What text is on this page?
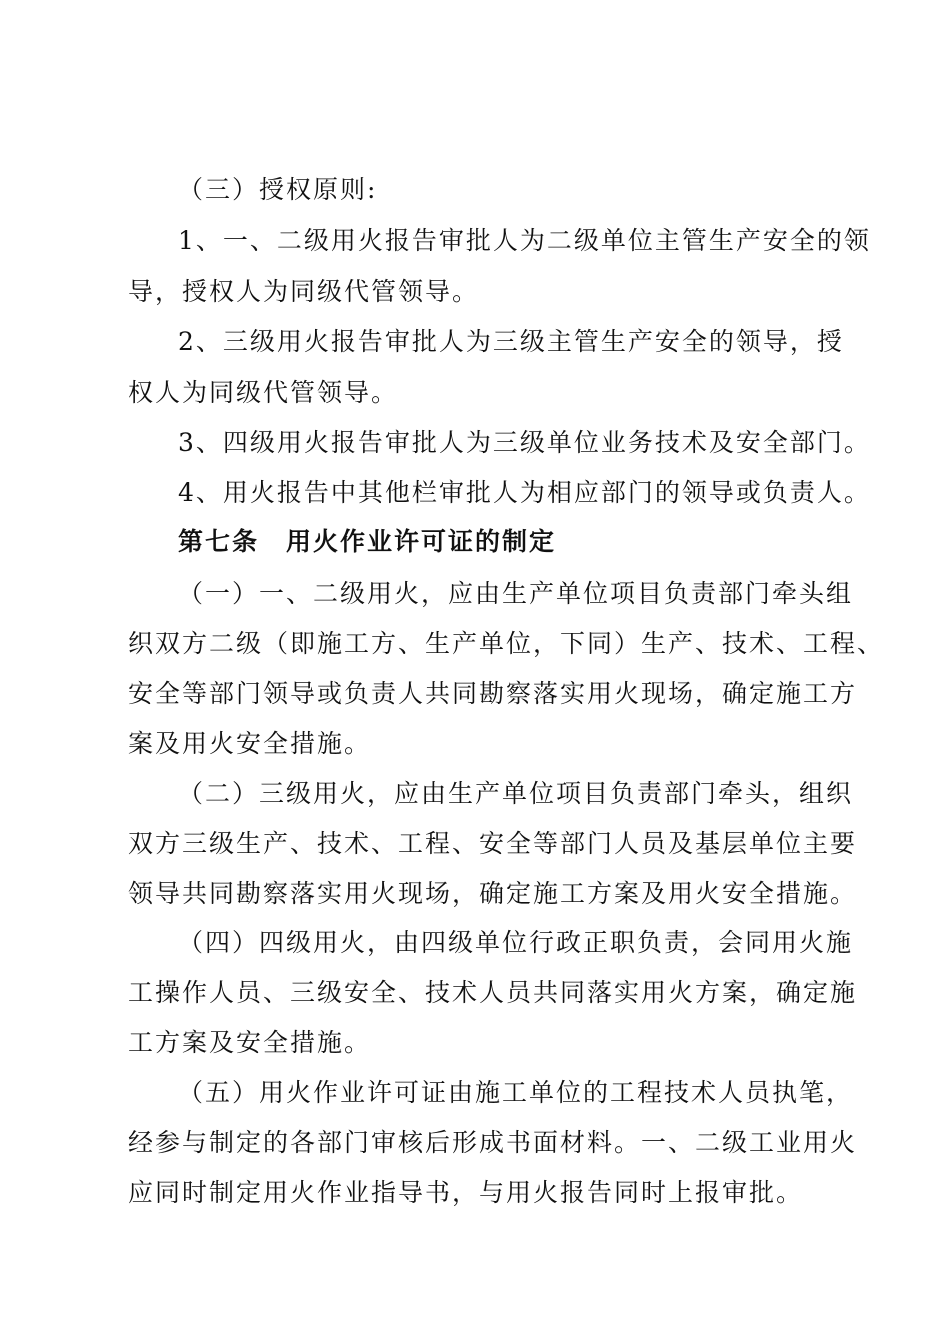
（三）授权原则:
1、一、二级用火报告审批人为二级单位主管生产安全的领
导，授权人为同级代管领导。
2、三级用火报告审批人为三级主管生产安全的领导，授
权人为同级代管领导。
3、四级用火报告审批人为三级单位业务技术及安全部门。
4、用火报告中其他栏审批人为相应部门的领导或负责人。
第七条　用火作业许可证的制定
（一）一、二级用火，应由生产单位项目负责部门牵头组
织双方二级（即施工方、生产单位，下同）生产、技术、工程、
安全等部门领导或负责人共同勘察落实用火现场，确定施工方
案及用火安全措施。
（二）三级用火，应由生产单位项目负责部门牵头，组织
双方三级生产、技术、工程、安全等部门人员及基层单位主要
领导共同勘察落实用火现场，确定施工方案及用火安全措施。
（四）四级用火，由四级单位行政正职负责，会同用火施
工操作人员、三级安全、技术人员共同落实用火方案，确定施
工方案及安全措施。
（五）用火作业许可证由施工单位的工程技术人员执笔，
经参与制定的各部门审核后形成书面材料。一、二级工业用火
应同时制定用火作业指导书，与用火报告同时上报审批。
